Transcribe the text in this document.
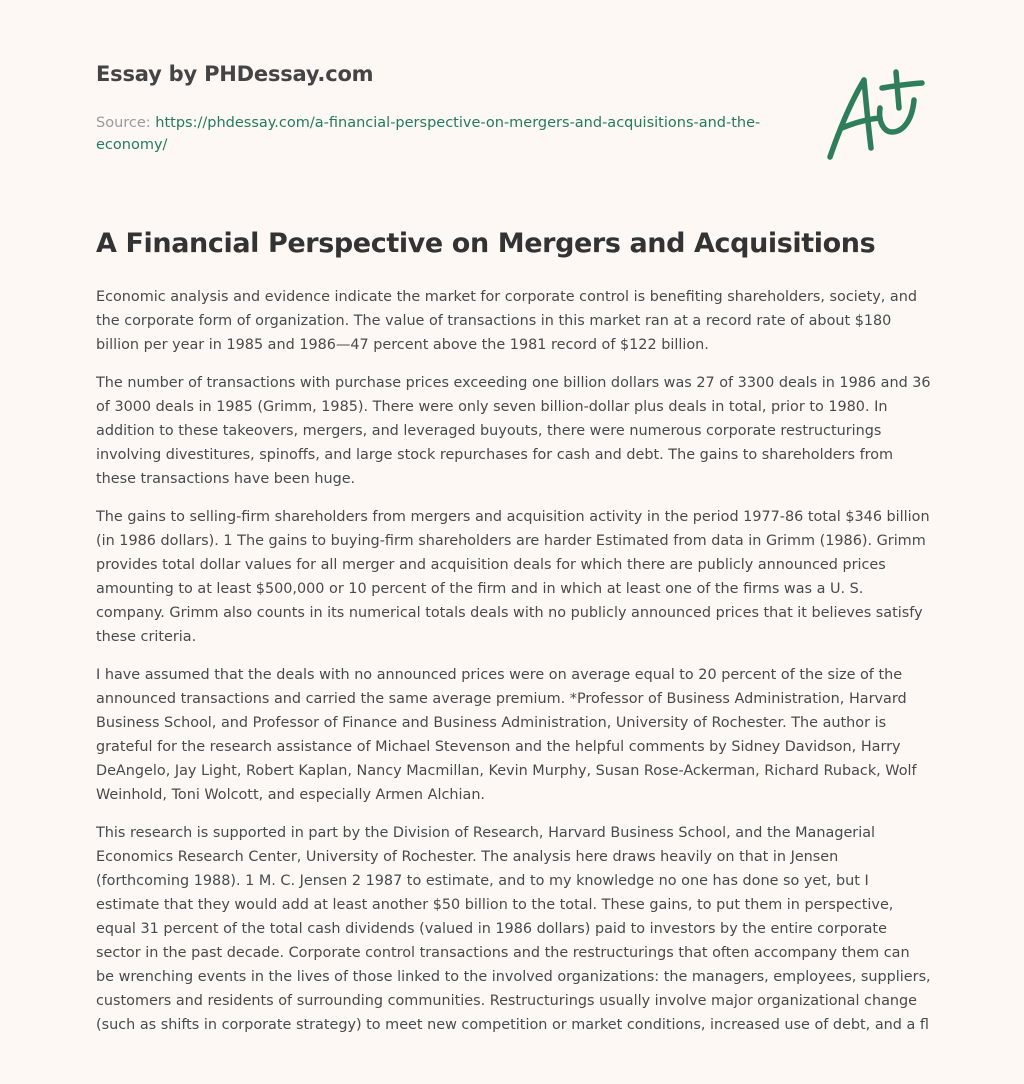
Essay by PHDessay.com
Source: https://phdessay.com/a-financial-perspective-on-mergers-and-acquisitions-and-the-economy/
A Financial Perspective on Mergers and Acquisitions

Economic analysis and evidence indicate the market for corporate control is benefiting shareholders, society, and the corporate form of organization. The value of transactions in this market ran at a record rate of about $180 billion per year in 1985 and 1986—47 percent above the 1981 record of $122 billion.

The number of transactions with purchase prices exceeding one billion dollars was 27 of 3300 deals in 1986 and 36 of 3000 deals in 1985 (Grimm, 1985). There were only seven billion-dollar plus deals in total, prior to 1980. In addition to these takeovers, mergers, and leveraged buyouts, there were numerous corporate restructurings involving divestitures, spinoffs, and large stock repurchases for cash and debt. The gains to shareholders from these transactions have been huge.

The gains to selling-firm shareholders from mergers and acquisition activity in the period 1977-86 total $346 billion (in 1986 dollars). 1 The gains to buying-firm shareholders are harder Estimated from data in Grimm (1986). Grimm provides total dollar values for all merger and acquisition deals for which there are publicly announced prices amounting to at least $500,000 or 10 percent of the firm and in which at least one of the firms was a U. S. company. Grimm also counts in its numerical totals deals with no publicly announced prices that it believes satisfy these criteria.

I have assumed that the deals with no announced prices were on average equal to 20 percent of the size of the announced transactions and carried the same average premium. *Professor of Business Administration, Harvard Business School, and Professor of Finance and Business Administration, University of Rochester. The author is grateful for the research assistance of Michael Stevenson and the helpful comments by Sidney Davidson, Harry DeAngelo, Jay Light, Robert Kaplan, Nancy Macmillan, Kevin Murphy, Susan Rose-Ackerman, Richard Ruback, Wolf Weinhold, Toni Wolcott, and especially Armen Alchian.

This research is supported in part by the Division of Research, Harvard Business School, and the Managerial Economics Research Center, University of Rochester. The analysis here draws heavily on that in Jensen (forthcoming 1988). 1 M. C. Jensen 2 1987 to estimate, and to my knowledge no one has done so yet, but I estimate that they would add at least another $50 billion to the total. These gains, to put them in perspective, equal 31 percent of the total cash dividends (valued in 1986 dollars) paid to investors by the entire corporate sector in the past decade. Corporate control transactions and the restructurings that often accompany them can be wrenching events in the lives of those linked to the involved organizations: the managers, employees, suppliers, customers and residents of surrounding communities. Restructurings usually involve major organizational change (such as shifts in corporate strategy) to meet new competition or market conditions, increased use of debt, and a fl
